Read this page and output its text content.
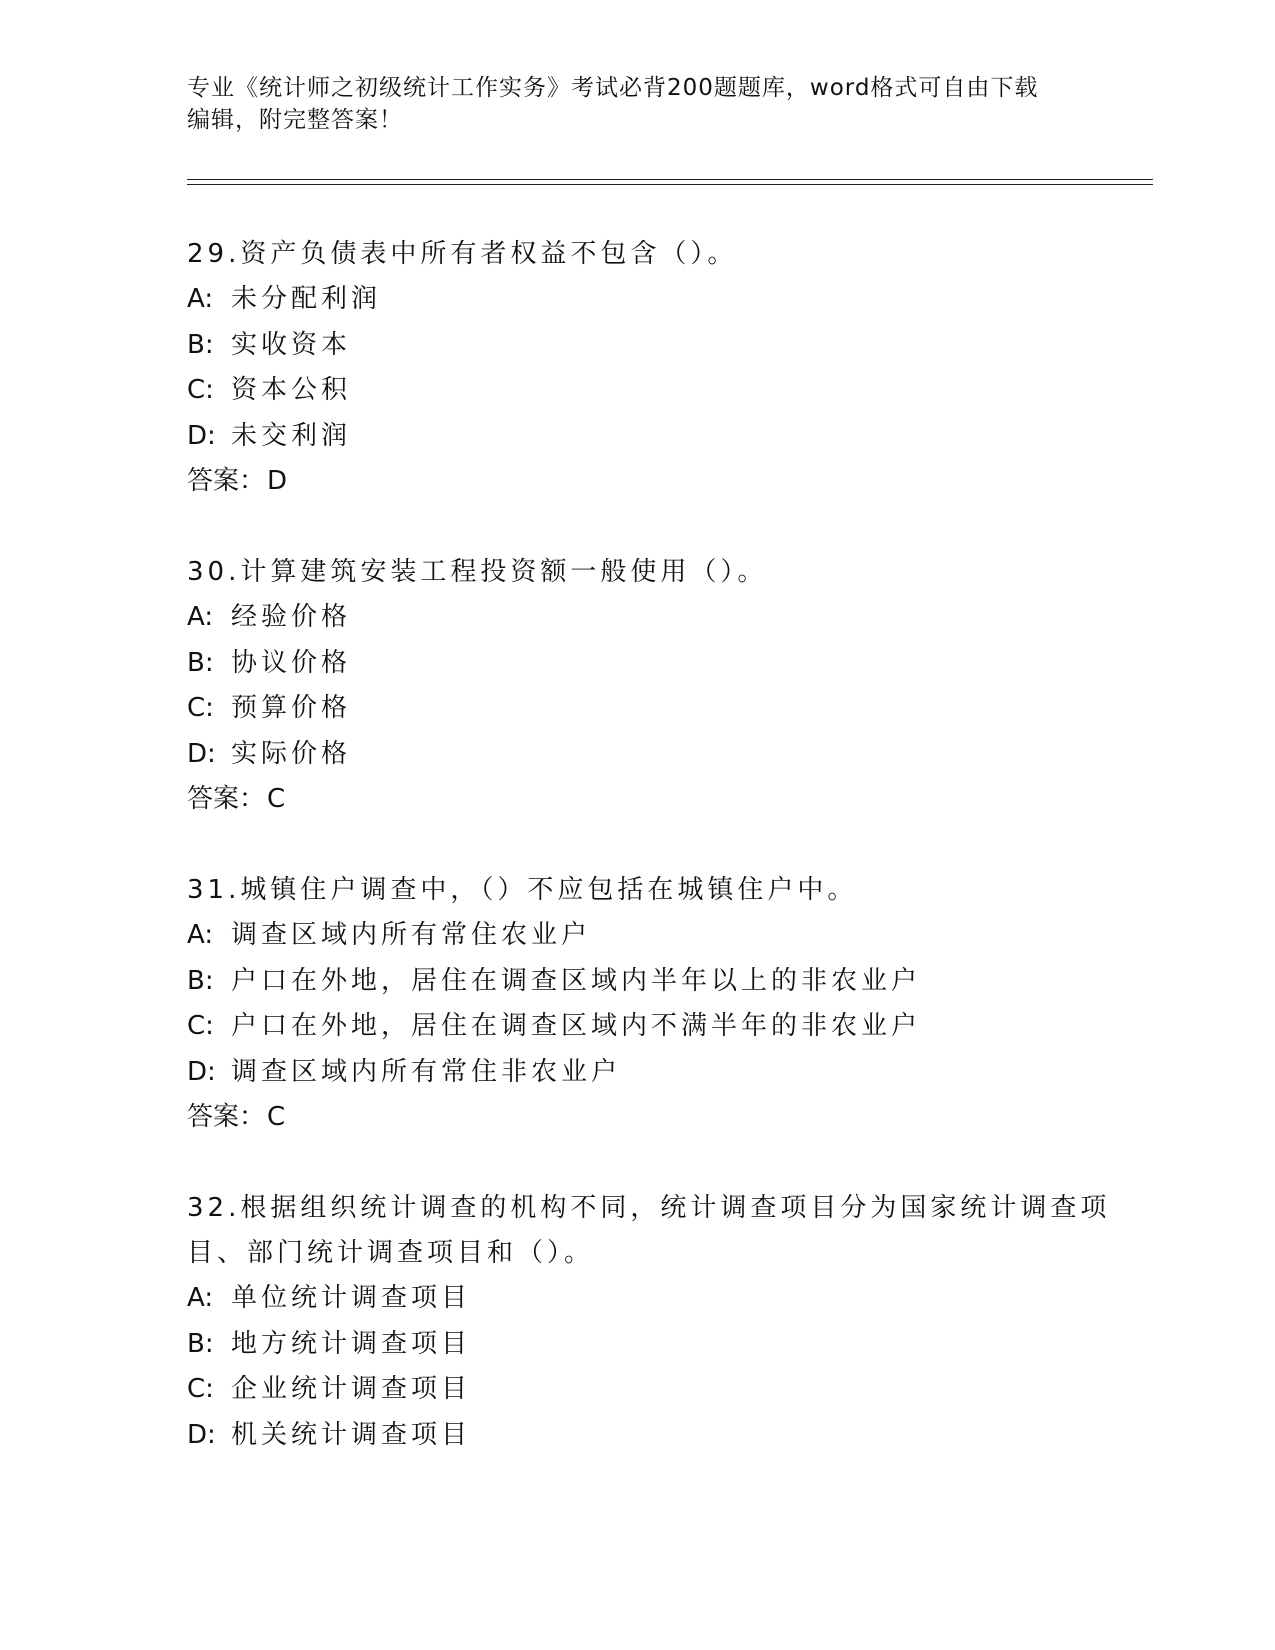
专业《统计师之初级统计工作实务》考试必背200题题库，word格式可自由下载
编辑，附完整答案！
29.资产负债表中所有者权益不包含（）。
A: 未分配利润
B: 实收资本
C: 资本公积
D: 未交利润
答案：D
30.计算建筑安装工程投资额一般使用（）。
A: 经验价格
B: 协议价格
C: 预算价格
D: 实际价格
答案：C
31.城镇住户调查中，（）不应包括在城镇住户中。
A: 调查区域内所有常住农业户
B: 户口在外地，居住在调查区域内半年以上的非农业户
C: 户口在外地，居住在调查区域内不满半年的非农业户
D: 调查区域内所有常住非农业户
答案：C
32.根据组织统计调查的机构不同，统计调查项目分为国家统计调查项
目、部门统计调查项目和（）。
A: 单位统计调查项目
B: 地方统计调查项目
C: 企业统计调查项目
D: 机关统计调查项目
